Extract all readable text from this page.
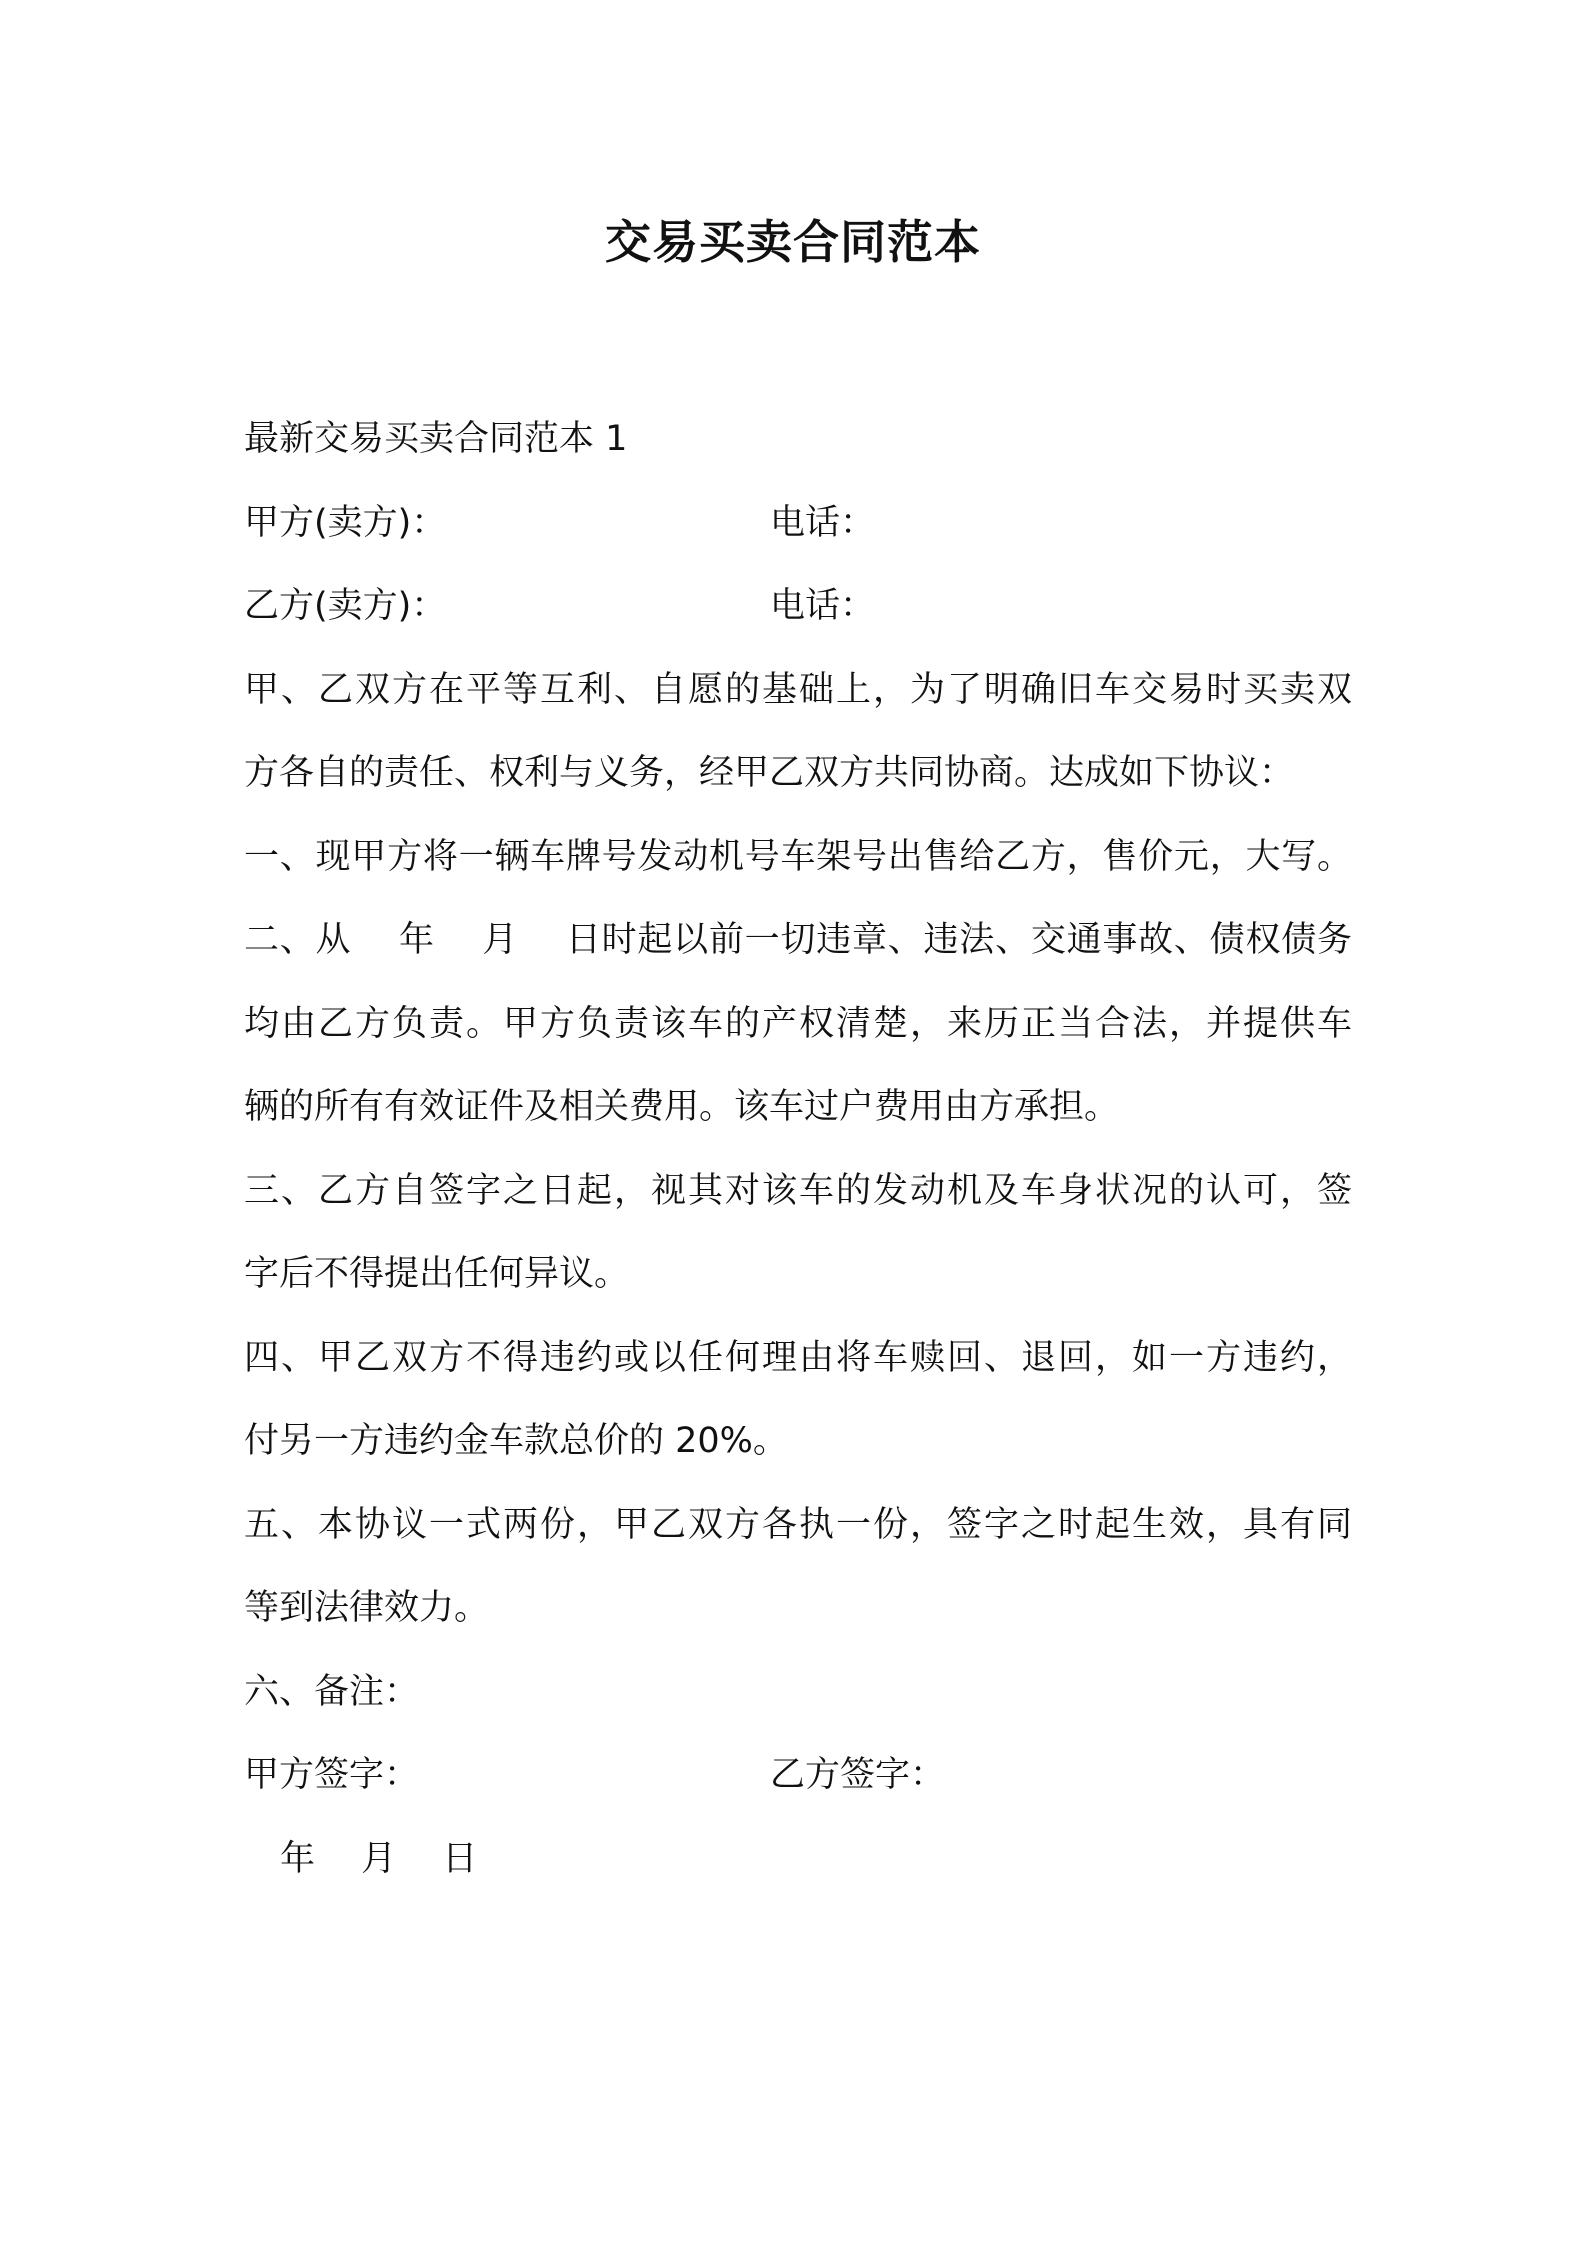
交易买卖合同范本
最新交易买卖合同范本 1
甲方(卖方)：	电话：
乙方(卖方)：	电话：
甲、乙双方在平等互利、自愿的基础上，为了明确旧车交易时买卖双
方各自的责任、权利与义务，经甲乙双方共同协商。达成如下协议：
一、现甲方将一辆车牌号发动机号车架号出售给乙方，售价元，大写。
二、从　 年　 月　 日时起以前一切违章、违法、交通事故、债权债务
均由乙方负责。甲方负责该车的产权清楚，来历正当合法，并提供车
辆的所有有效证件及相关费用。该车过户费用由方承担。
三、乙方自签字之日起，视其对该车的发动机及车身状况的认可，签
字后不得提出任何异议。
四、甲乙双方不得违约或以任何理由将车赎回、退回，如一方违约，
付另一方违约金车款总价的 20%。
五、本协议一式两份，甲乙双方各执一份，签字之时起生效，具有同
等到法律效力。
六、备注：
甲方签字：	乙方签字：
年　 月　 日
